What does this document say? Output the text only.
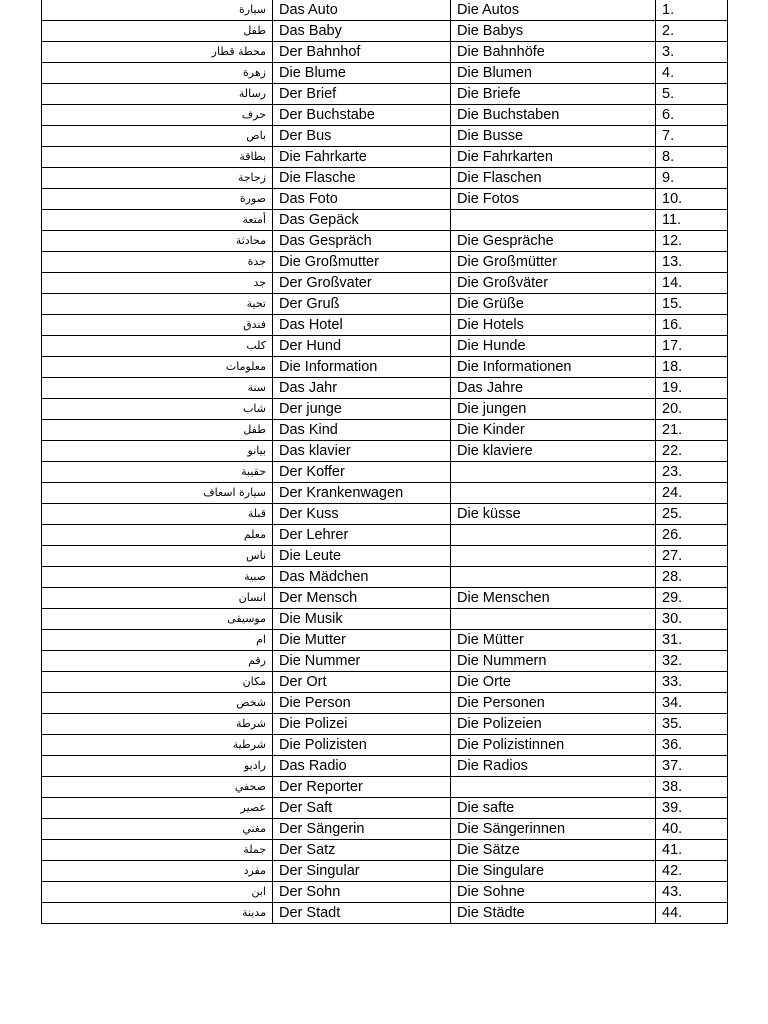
سيارة	Das Auto	Die Autos	1.
طفل	Das Baby	Die Babys	2.
محطة قطار	Der Bahnhof	Die Bahnhöfe	3.
زهرة	Die Blume	Die Blumen	4.
رسالة	Der Brief	Die Briefe	5.
حرف	Der Buchstabe	Die Buchstaben	6.
باص	Der Bus	Die Busse	7.
بطاقة	Die Fahrkarte	Die Fahrkarten	8.
زجاجة	Die Flasche	Die Flaschen	9.
صورة	Das Foto	Die Fotos	10.
أمتعة	Das Gepäck		11.
محادثة	Das Gespräch	Die Gespräche	12.
جدة	Die Großmutter	Die Großmütter	13.
جد	Der Großvater	Die Großväter	14.
تحية	Der Gruß	Die Grüße	15.
فندق	Das Hotel	Die Hotels	16.
كلب	Der Hund	Die Hunde	17.
معلومات	Die Information	Die Informationen	18.
سنة	Das Jahr	Das Jahre	19.
شاب	Der junge	Die jungen	20.
طفل	Das Kind	Die Kinder	21.
بيانو	Das klavier	Die klaviere	22.
حقيبة	Der Koffer		23.
سيارة اسعاف	Der Krankenwagen		24.
قبلة	Der Kuss	Die küsse	25.
معلم	Der Lehrer		26.
ناس	Die Leute		27.
صبية	Das Mädchen		28.
انسان	Der Mensch	Die Menschen	29.
موسيقى	Die Musik		30.
ام	Die Mutter	Die Mütter	31.
رقم	Die Nummer	Die Nummern	32.
مكان	Der Ort	Die Orte	33.
شخص	Die Person	Die Personen	34.
شرطة	Die Polizei	Die Polizeien	35.
شرطية	Die Polizisten	Die Polizistinnen	36.
راديو	Das Radio	Die Radios	37.
صحفي	Der Reporter		38.
عصير	Der Saft	Die safte	39.
مغني	Der Sängerin	Die Sängerinnen	40.
جملة	Der Satz	Die Sätze	41.
مفرد	Der Singular	Die Singulare	42.
ابن	Der Sohn	Die Sohne	43.
مدينة	Der Stadt	Die Städte	44.
